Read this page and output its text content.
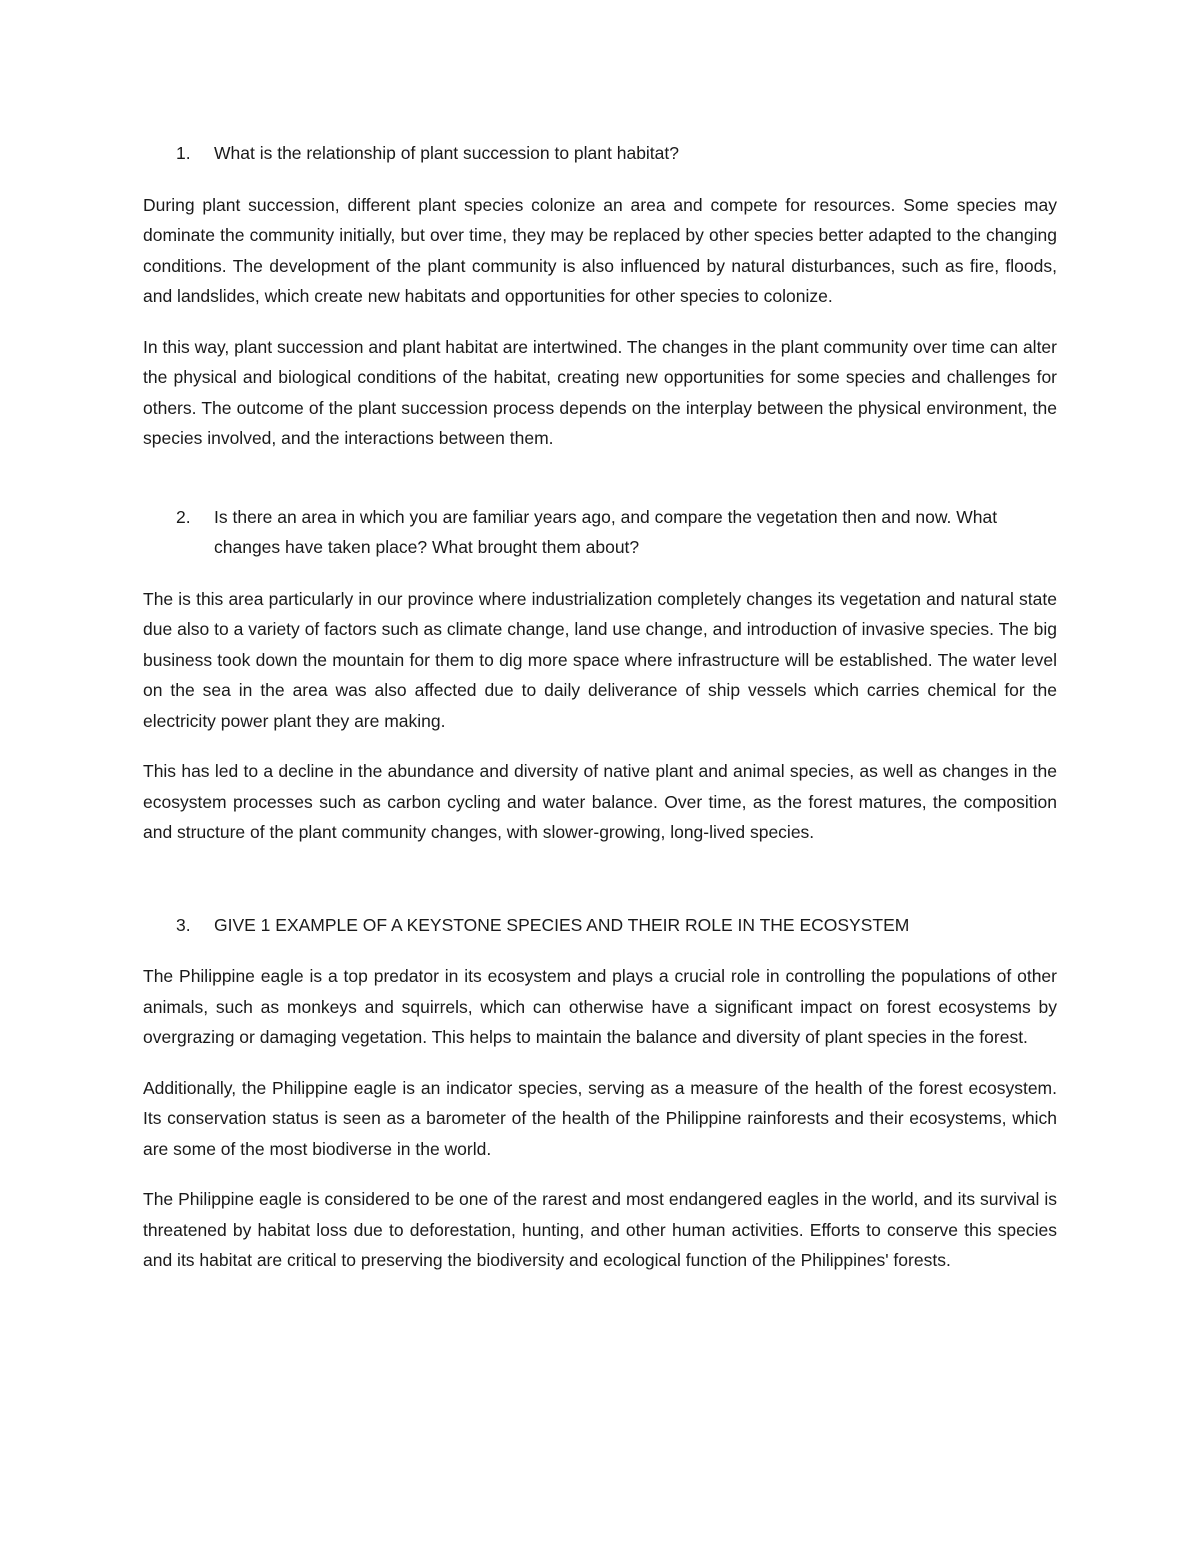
1.	What is the relationship of plant succession to plant habitat?

During plant succession, different plant species colonize an area and compete for resources. Some species may dominate the community initially, but over time, they may be replaced by other species better adapted to the changing conditions. The development of the plant community is also influenced by natural disturbances, such as fire, floods, and landslides, which create new habitats and opportunities for other species to colonize.

In this way, plant succession and plant habitat are intertwined. The changes in the plant community over time can alter the physical and biological conditions of the habitat, creating new opportunities for some species and challenges for others. The outcome of the plant succession process depends on the interplay between the physical environment, the species involved, and the interactions between them.

2.	Is there an area in which you are familiar years ago, and compare the vegetation then and now. What changes have taken place? What brought them about?

The is this area particularly in our province where industrialization completely changes its vegetation and natural state due also to a variety of factors such as climate change, land use change, and introduction of invasive species. The big business took down the mountain for them to dig more space where infrastructure will be established. The water level on the sea in the area was also affected due to daily deliverance of ship vessels which carries chemical for the electricity power plant they are making.

This has led to a decline in the abundance and diversity of native plant and animal species, as well as changes in the ecosystem processes such as carbon cycling and water balance. Over time, as the forest matures, the composition and structure of the plant community changes, with slower-growing, long-lived species.

3.	GIVE 1 EXAMPLE OF A KEYSTONE SPECIES AND THEIR ROLE IN THE ECOSYSTEM

The Philippine eagle is a top predator in its ecosystem and plays a crucial role in controlling the populations of other animals, such as monkeys and squirrels, which can otherwise have a significant impact on forest ecosystems by overgrazing or damaging vegetation. This helps to maintain the balance and diversity of plant species in the forest.

Additionally, the Philippine eagle is an indicator species, serving as a measure of the health of the forest ecosystem. Its conservation status is seen as a barometer of the health of the Philippine rainforests and their ecosystems, which are some of the most biodiverse in the world.

The Philippine eagle is considered to be one of the rarest and most endangered eagles in the world, and its survival is threatened by habitat loss due to deforestation, hunting, and other human activities. Efforts to conserve this species and its habitat are critical to preserving the biodiversity and ecological function of the Philippines' forests.
